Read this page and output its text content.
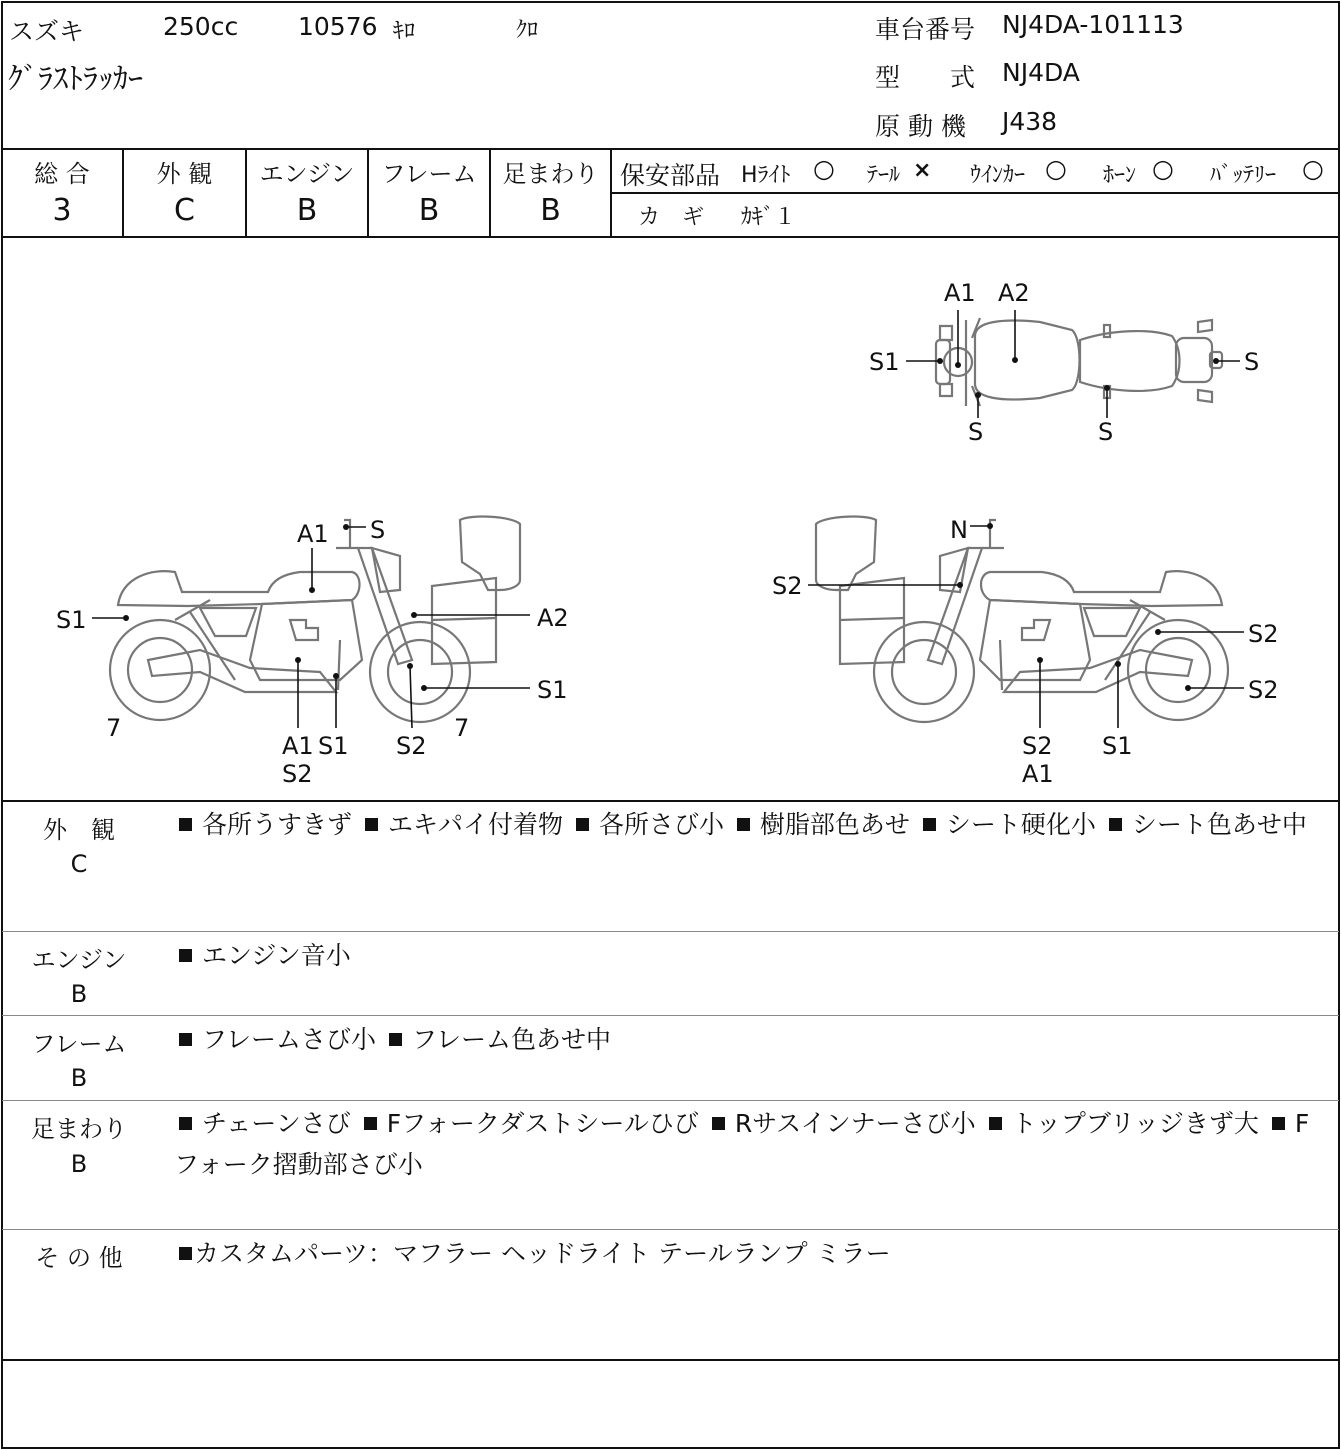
スズキ	250cc 10576 ｷﾛ	ｸﾛ
ｸﾞﾗｽﾄﾗｯｶｰ
車台番号 NJ4DA-101113
型　　式 NJ4DA
原 動 機 J438
総 合
3
外 観
C
エンジン
B
フレーム
B
足まわり
B
保安部品 Hﾗｲﾄ ○ ﾃｰﾙ × ｳｲﾝｶｰ ○ ﾎｰﾝ ○ ﾊﾞｯﾃﾘｰ ○
カ　ギ ｶｷﾞ１
A1 A2
S1
S	S
S
A1 S
S1	A2
S1
7
A1 S1
S2
S2
7
N
S2
S2
S2
S2 S1
A1
外　観
C
各所うすきず エキパイ付着物 各所さび小 樹脂部色あせ シート硬化小 シート色あせ中
エンジン
B
エンジン音小
フレーム
B
フレームさび小 フレーム色あせ中
足まわり
B
チェーンさび Fフォークダストシールひび Rサスインナーさび小 トップブリッジきず大 Fフォーク摺動部さび小
そ の 他	カスタムパーツ：マフラー ヘッドライト テールランプ ミラー
